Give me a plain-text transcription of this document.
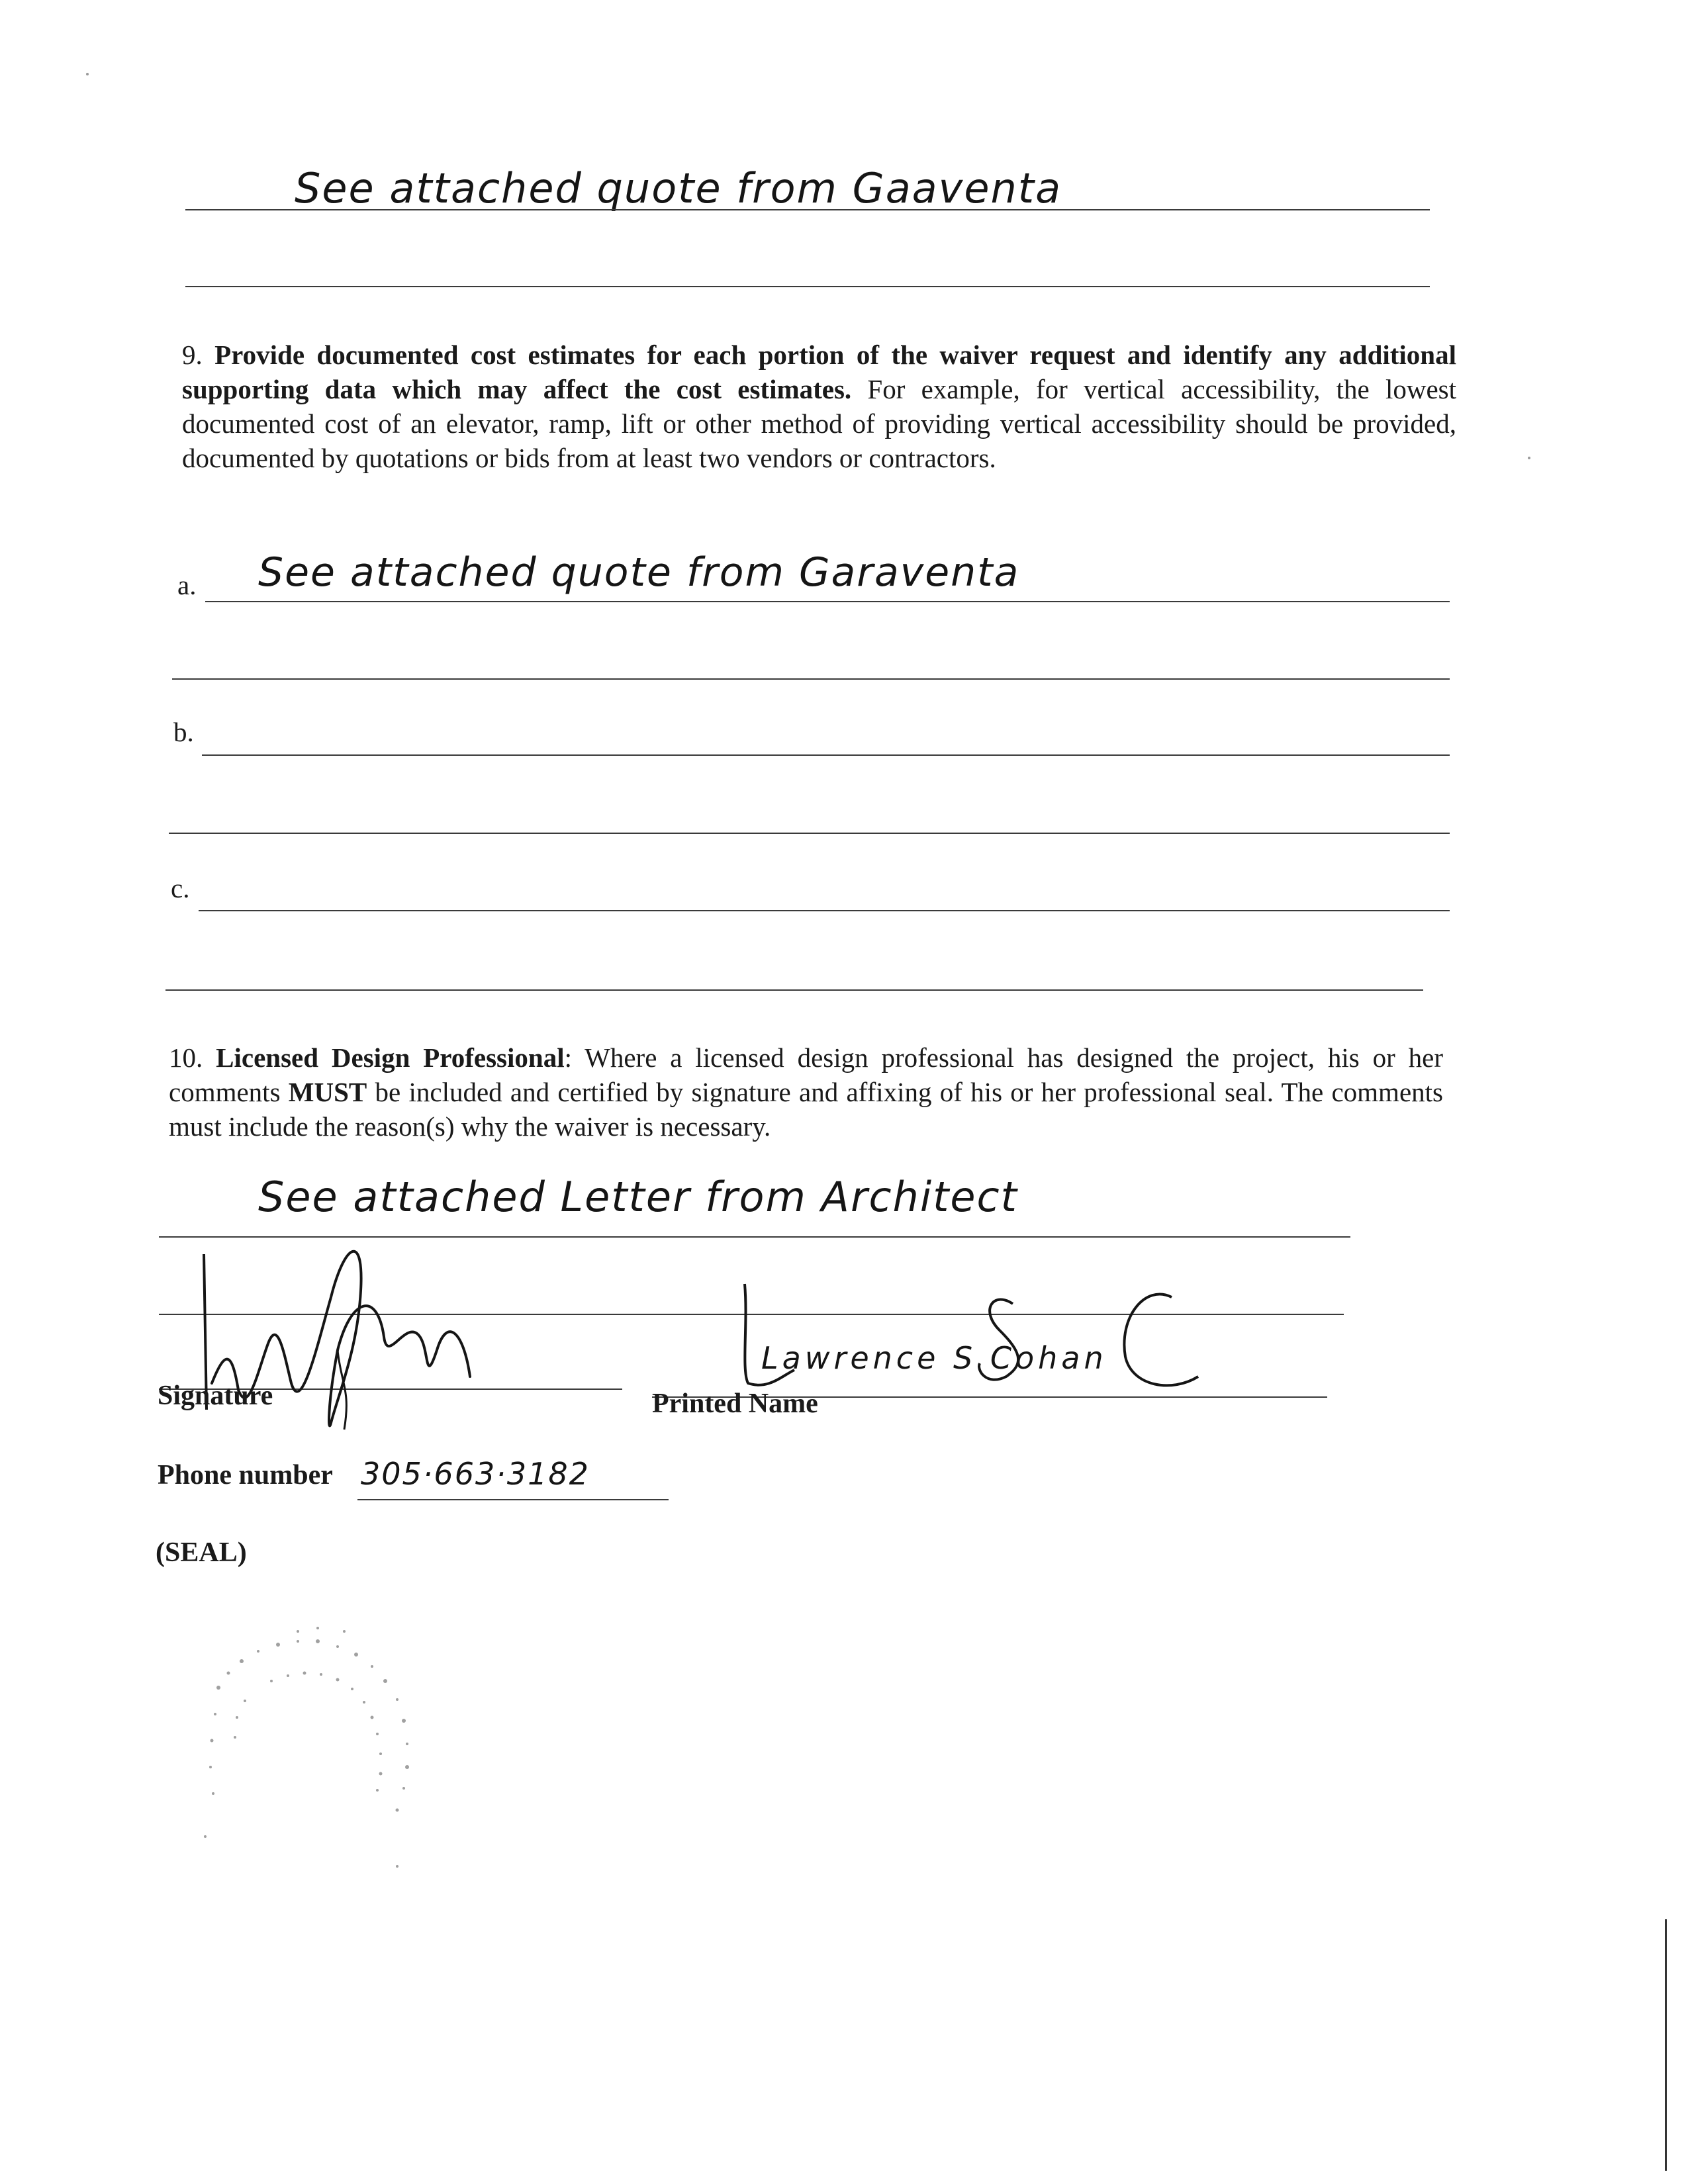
See attached quote from Gaaventa
9. Provide documented cost estimates for each portion of the waiver request and identify any additional supporting data which may affect the cost estimates. For example, for vertical accessibility, the lowest documented cost of an elevator, ramp, lift or other method of providing vertical accessibility should be provided, documented by quotations or bids from at least two vendors or contractors.
a. See attached quote from Garaventa
b.
c.
10. Licensed Design Professional: Where a licensed design professional has designed the project, his or her comments MUST be included and certified by signature and affixing of his or her professional seal. The comments must include the reason(s) why the waiver is necessary.
See attached Letter from Architect
Signature
Lawrence S Cohan
Printed Name
Phone number 305·663·3182
(SEAL)
